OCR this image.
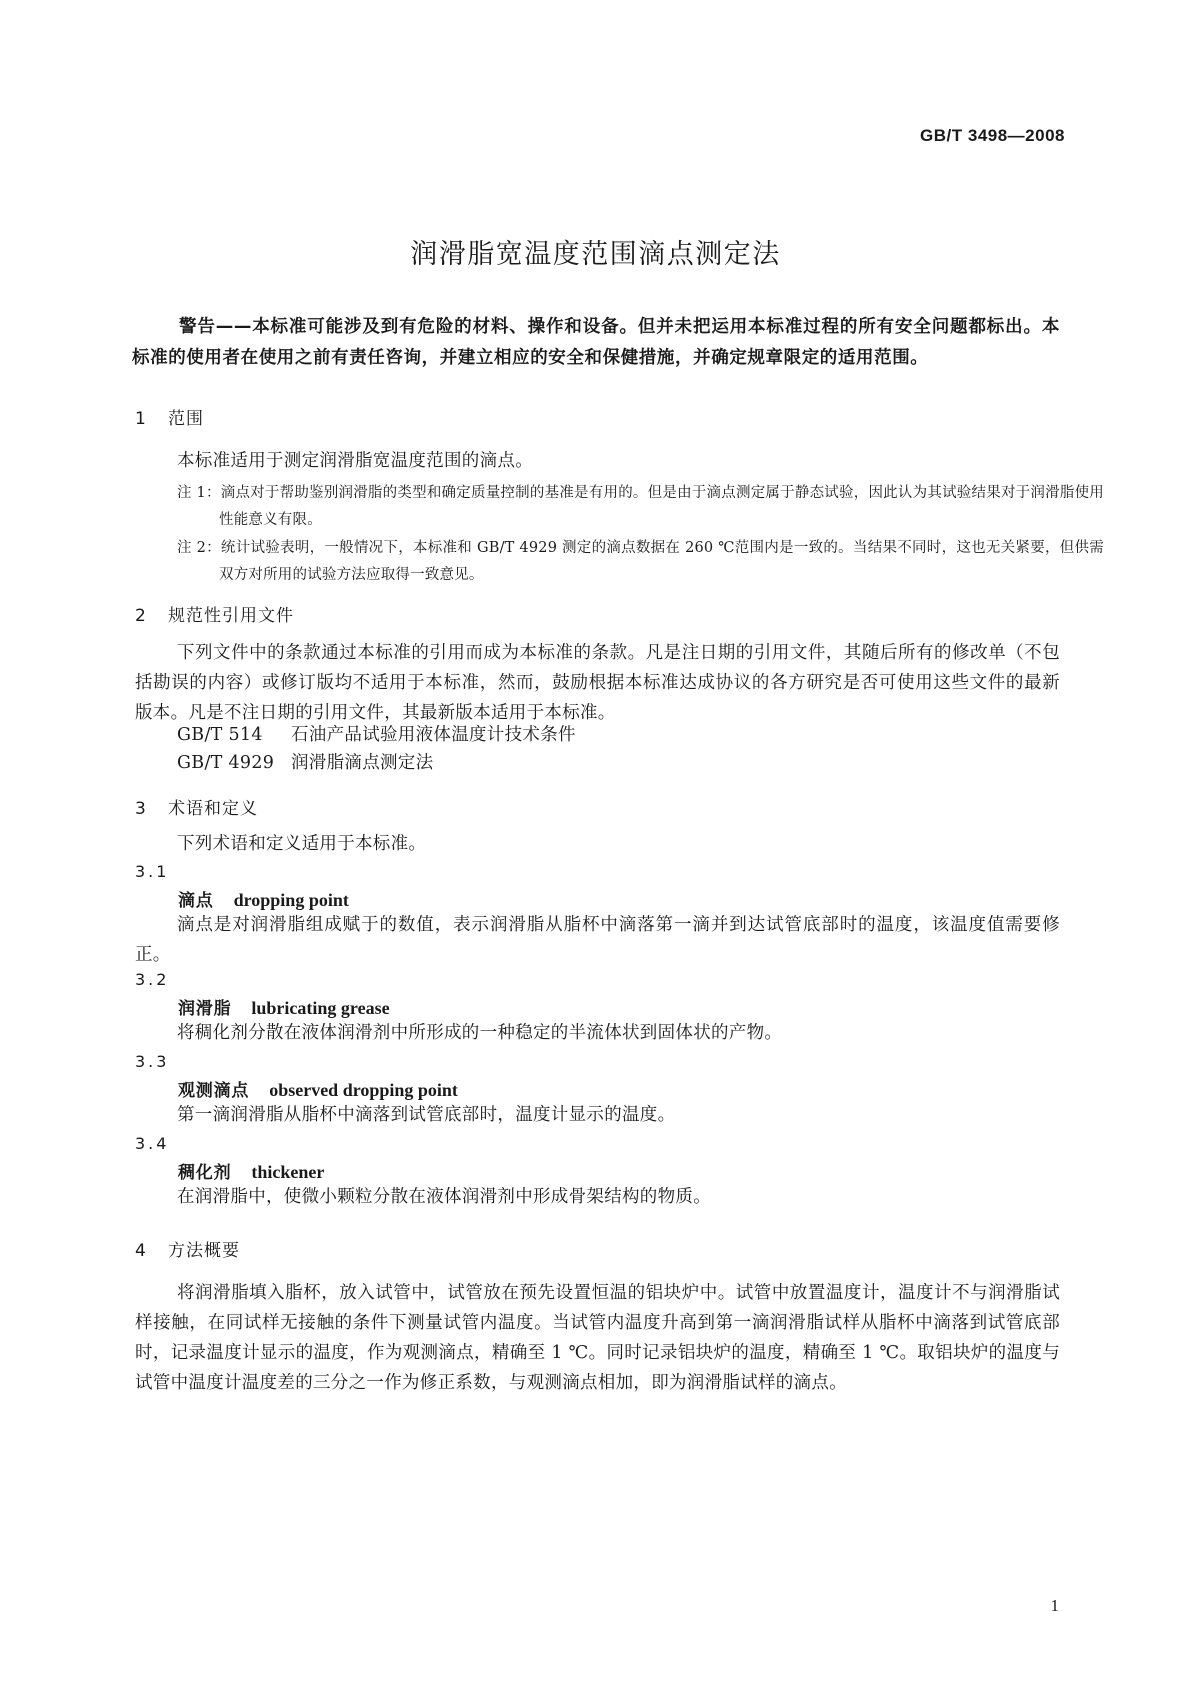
GB/T 3498—2008
润滑脂宽温度范围滴点测定法
警告——本标准可能涉及到有危险的材料、操作和设备。但并未把运用本标准过程的所有安全问题都标出。本标准的使用者在使用之前有责任咨询，并建立相应的安全和保健措施，并确定规章限定的适用范围。
1 范围
本标准适用于测定润滑脂宽温度范围的滴点。
注 1：滴点对于帮助鉴别润滑脂的类型和确定质量控制的基准是有用的。但是由于滴点测定属于静态试验，因此认为其试验结果对于润滑脂使用性能意义有限。
注 2：统计试验表明，一般情况下，本标准和 GB/T 4929 测定的滴点数据在 260 ℃范围内是一致的。当结果不同时，这也无关紧要，但供需双方对所用的试验方法应取得一致意见。
2 规范性引用文件
下列文件中的条款通过本标准的引用而成为本标准的条款。凡是注日期的引用文件，其随后所有的修改单（不包括勘误的内容）或修订版均不适用于本标准，然而，鼓励根据本标准达成协议的各方研究是否可使用这些文件的最新版本。凡是不注日期的引用文件，其最新版本适用于本标准。
GB/T 514 石油产品试验用液体温度计技术条件
GB/T 4929 润滑脂滴点测定法
3 术语和定义
下列术语和定义适用于本标准。
3.1
滴点 dropping point
滴点是对润滑脂组成赋于的数值，表示润滑脂从脂杯中滴落第一滴并到达试管底部时的温度，该温度值需要修正。
3.2
润滑脂 lubricating grease
将稠化剂分散在液体润滑剂中所形成的一种稳定的半流体状到固体状的产物。
3.3
观测滴点 observed dropping point
第一滴润滑脂从脂杯中滴落到试管底部时，温度计显示的温度。
3.4
稠化剂 thickener
在润滑脂中，使微小颗粒分散在液体润滑剂中形成骨架结构的物质。
4 方法概要
将润滑脂填入脂杯，放入试管中，试管放在预先设置恒温的铝块炉中。试管中放置温度计，温度计不与润滑脂试样接触，在同试样无接触的条件下测量试管内温度。当试管内温度升高到第一滴润滑脂试样从脂杯中滴落到试管底部时，记录温度计显示的温度，作为观测滴点，精确至 1 ℃。同时记录铝块炉的温度，精确至 1 ℃。取铝块炉的温度与试管中温度计温度差的三分之一作为修正系数，与观测滴点相加，即为润滑脂试样的滴点。
1
